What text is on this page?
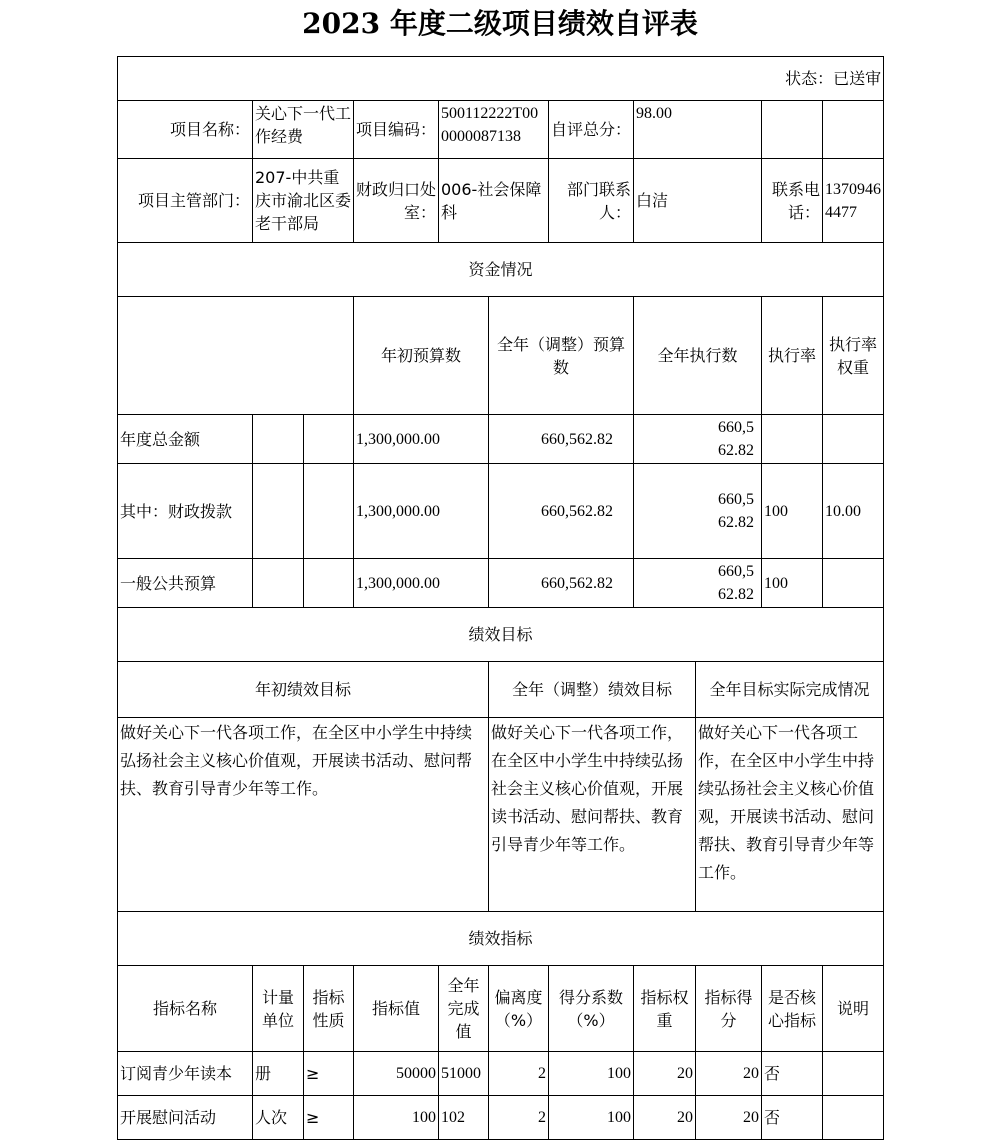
2023 年度二级项目绩效自评表
状态：已送审											
项目名称：	关心下一代工作经费		项目编码：	500112222T000000087138		自评总分：	98.00				
项目主管部门：	207-中共重庆市渝北区委老干部局		财政归口处室：	006-社会保障科		部门联系人：	白洁		联系电话：	13709464477	
资金情况											
			年初预算数		全年（调整）预算数		全年执行数		执行率	执行率权重	
年度总金额			1,300,000.00		660,562.82		660,562.82				
其中：财政拨款			1,300,000.00		660,562.82		660,562.82		100	10.00	
一般公共预算			1,300,000.00		660,562.82		660,562.82		100		
绩效目标											
年初绩效目标					全年（调整）绩效目标			全年目标实际完成情况			
做好关心下一代各项工作，在全区中小学生中持续弘扬社会主义核心价值观，开展读书活动、慰问帮扶、教育引导青少年等工作。					做好关心下一代各项工作，在全区中小学生中持续弘扬社会主义核心价值观，开展读书活动、慰问帮扶、教育引导青少年等工作。			做好关心下一代各项工作，在全区中小学生中持续弘扬社会主义核心价值观，开展读书活动、慰问帮扶、教育引导青少年等工作。			
绩效指标											
指标名称	计量单位	指标性质	指标值	全年完成值	偏离度（%）	得分系数（%）	指标权重	指标得分	是否核心指标	说明	
订阅青少年读本	册	≥	50000	51000	2	100	20	20	否		
开展慰问活动	人次	≥	100	102	2	100	20	20	否		
